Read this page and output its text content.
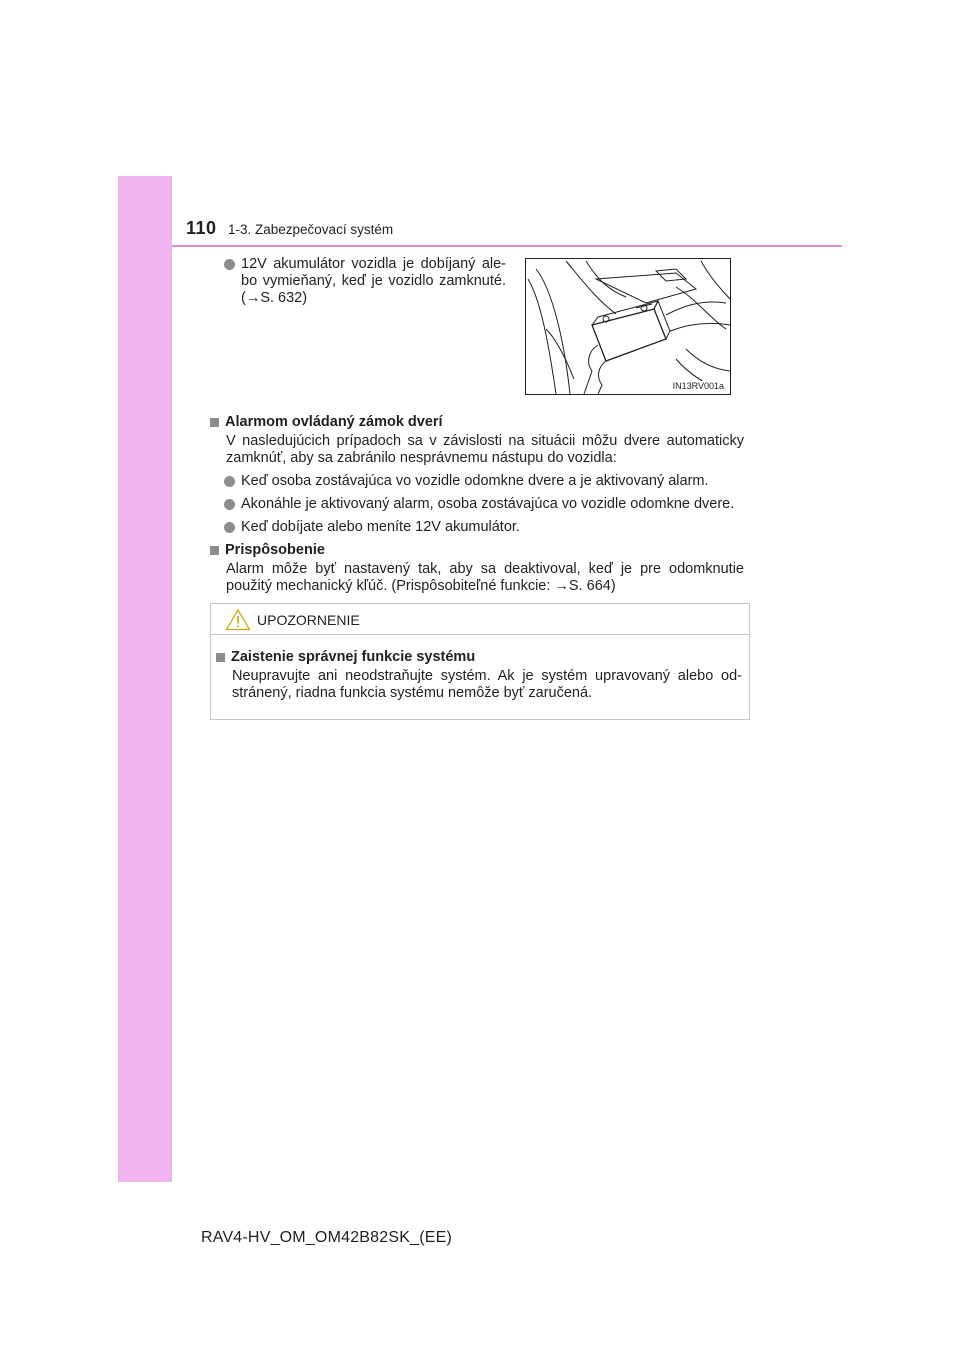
110 1-3. Zabezpečovací systém
12V akumulátor vozidla je dobíjaný ale-
bo vymieňaný, keď je vozidlo zamknuté.
(→S. 632)
IN13RV001a
Alarmom ovládaný zámok dverí
V nasledujúcich prípadoch sa v závislosti na situácii môžu dvere automaticky
zamknúť, aby sa zabránilo nesprávnemu nástupu do vozidla:
Keď osoba zostávajúca vo vozidle odomkne dvere a je aktivovaný alarm.
Akonáhle je aktivovaný alarm, osoba zostávajúca vo vozidle odomkne dvere.
Keď dobíjate alebo meníte 12V akumulátor.
Prispôsobenie
Alarm môže byť nastavený tak, aby sa deaktivoval, keď je pre odomknutie
použitý mechanický kľúč. (Prispôsobiteľné funkcie: →S. 664)
UPOZORNENIE
Zaistenie správnej funkcie systému
Neupravujte ani neodstraňujte systém. Ak je systém upravovaný alebo od-
stránený, riadna funkcia systému nemôže byť zaručená.
RAV4-HV_OM_OM42B82SK_(EE)
